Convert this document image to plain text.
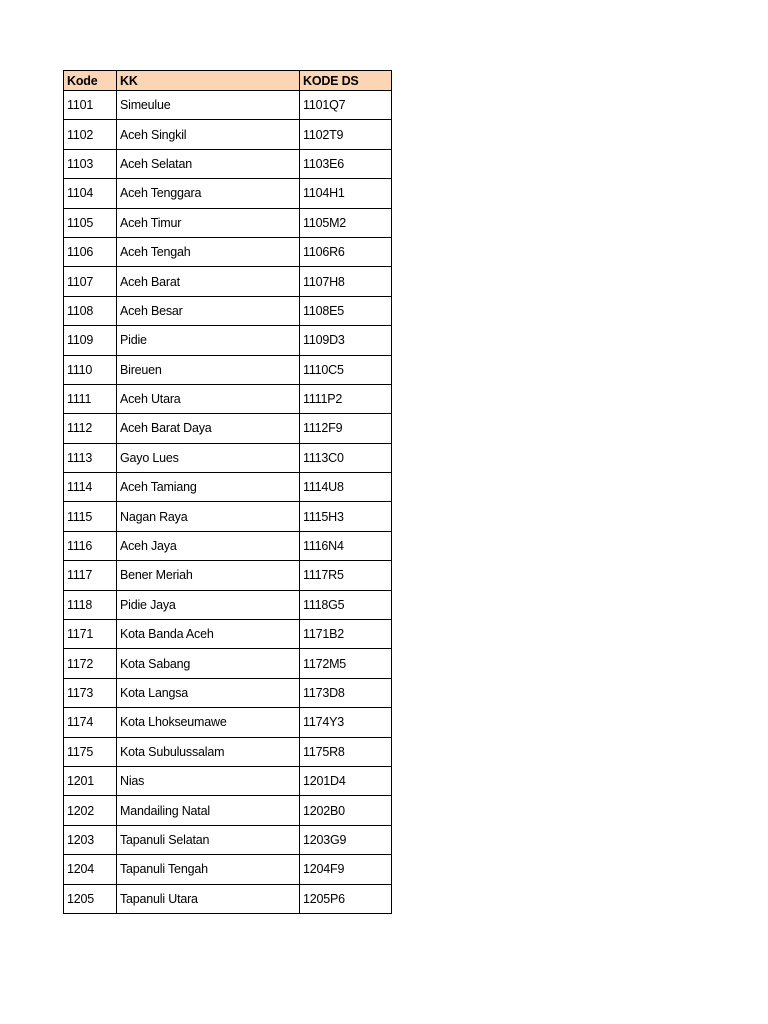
Kode	KK	KODE DS
1101	Simeulue	1101Q7
1102	Aceh Singkil	1102T9
1103	Aceh Selatan	1103E6
1104	Aceh Tenggara	1104H1
1105	Aceh Timur	1105M2
1106	Aceh Tengah	1106R6
1107	Aceh Barat	1107H8
1108	Aceh Besar	1108E5
1109	Pidie	1109D3
1110	Bireuen	1110C5
1111	Aceh Utara	1111P2
1112	Aceh Barat Daya	1112F9
1113	Gayo Lues	1113C0
1114	Aceh Tamiang	1114U8
1115	Nagan Raya	1115H3
1116	Aceh Jaya	1116N4
1117	Bener Meriah	1117R5
1118	Pidie Jaya	1118G5
1171	Kota Banda Aceh	1171B2
1172	Kota Sabang	1172M5
1173	Kota Langsa	1173D8
1174	Kota Lhokseumawe	1174Y3
1175	Kota Subulussalam	1175R8
1201	Nias	1201D4
1202	Mandailing Natal	1202B0
1203	Tapanuli Selatan	1203G9
1204	Tapanuli Tengah	1204F9
1205	Tapanuli Utara	1205P6
